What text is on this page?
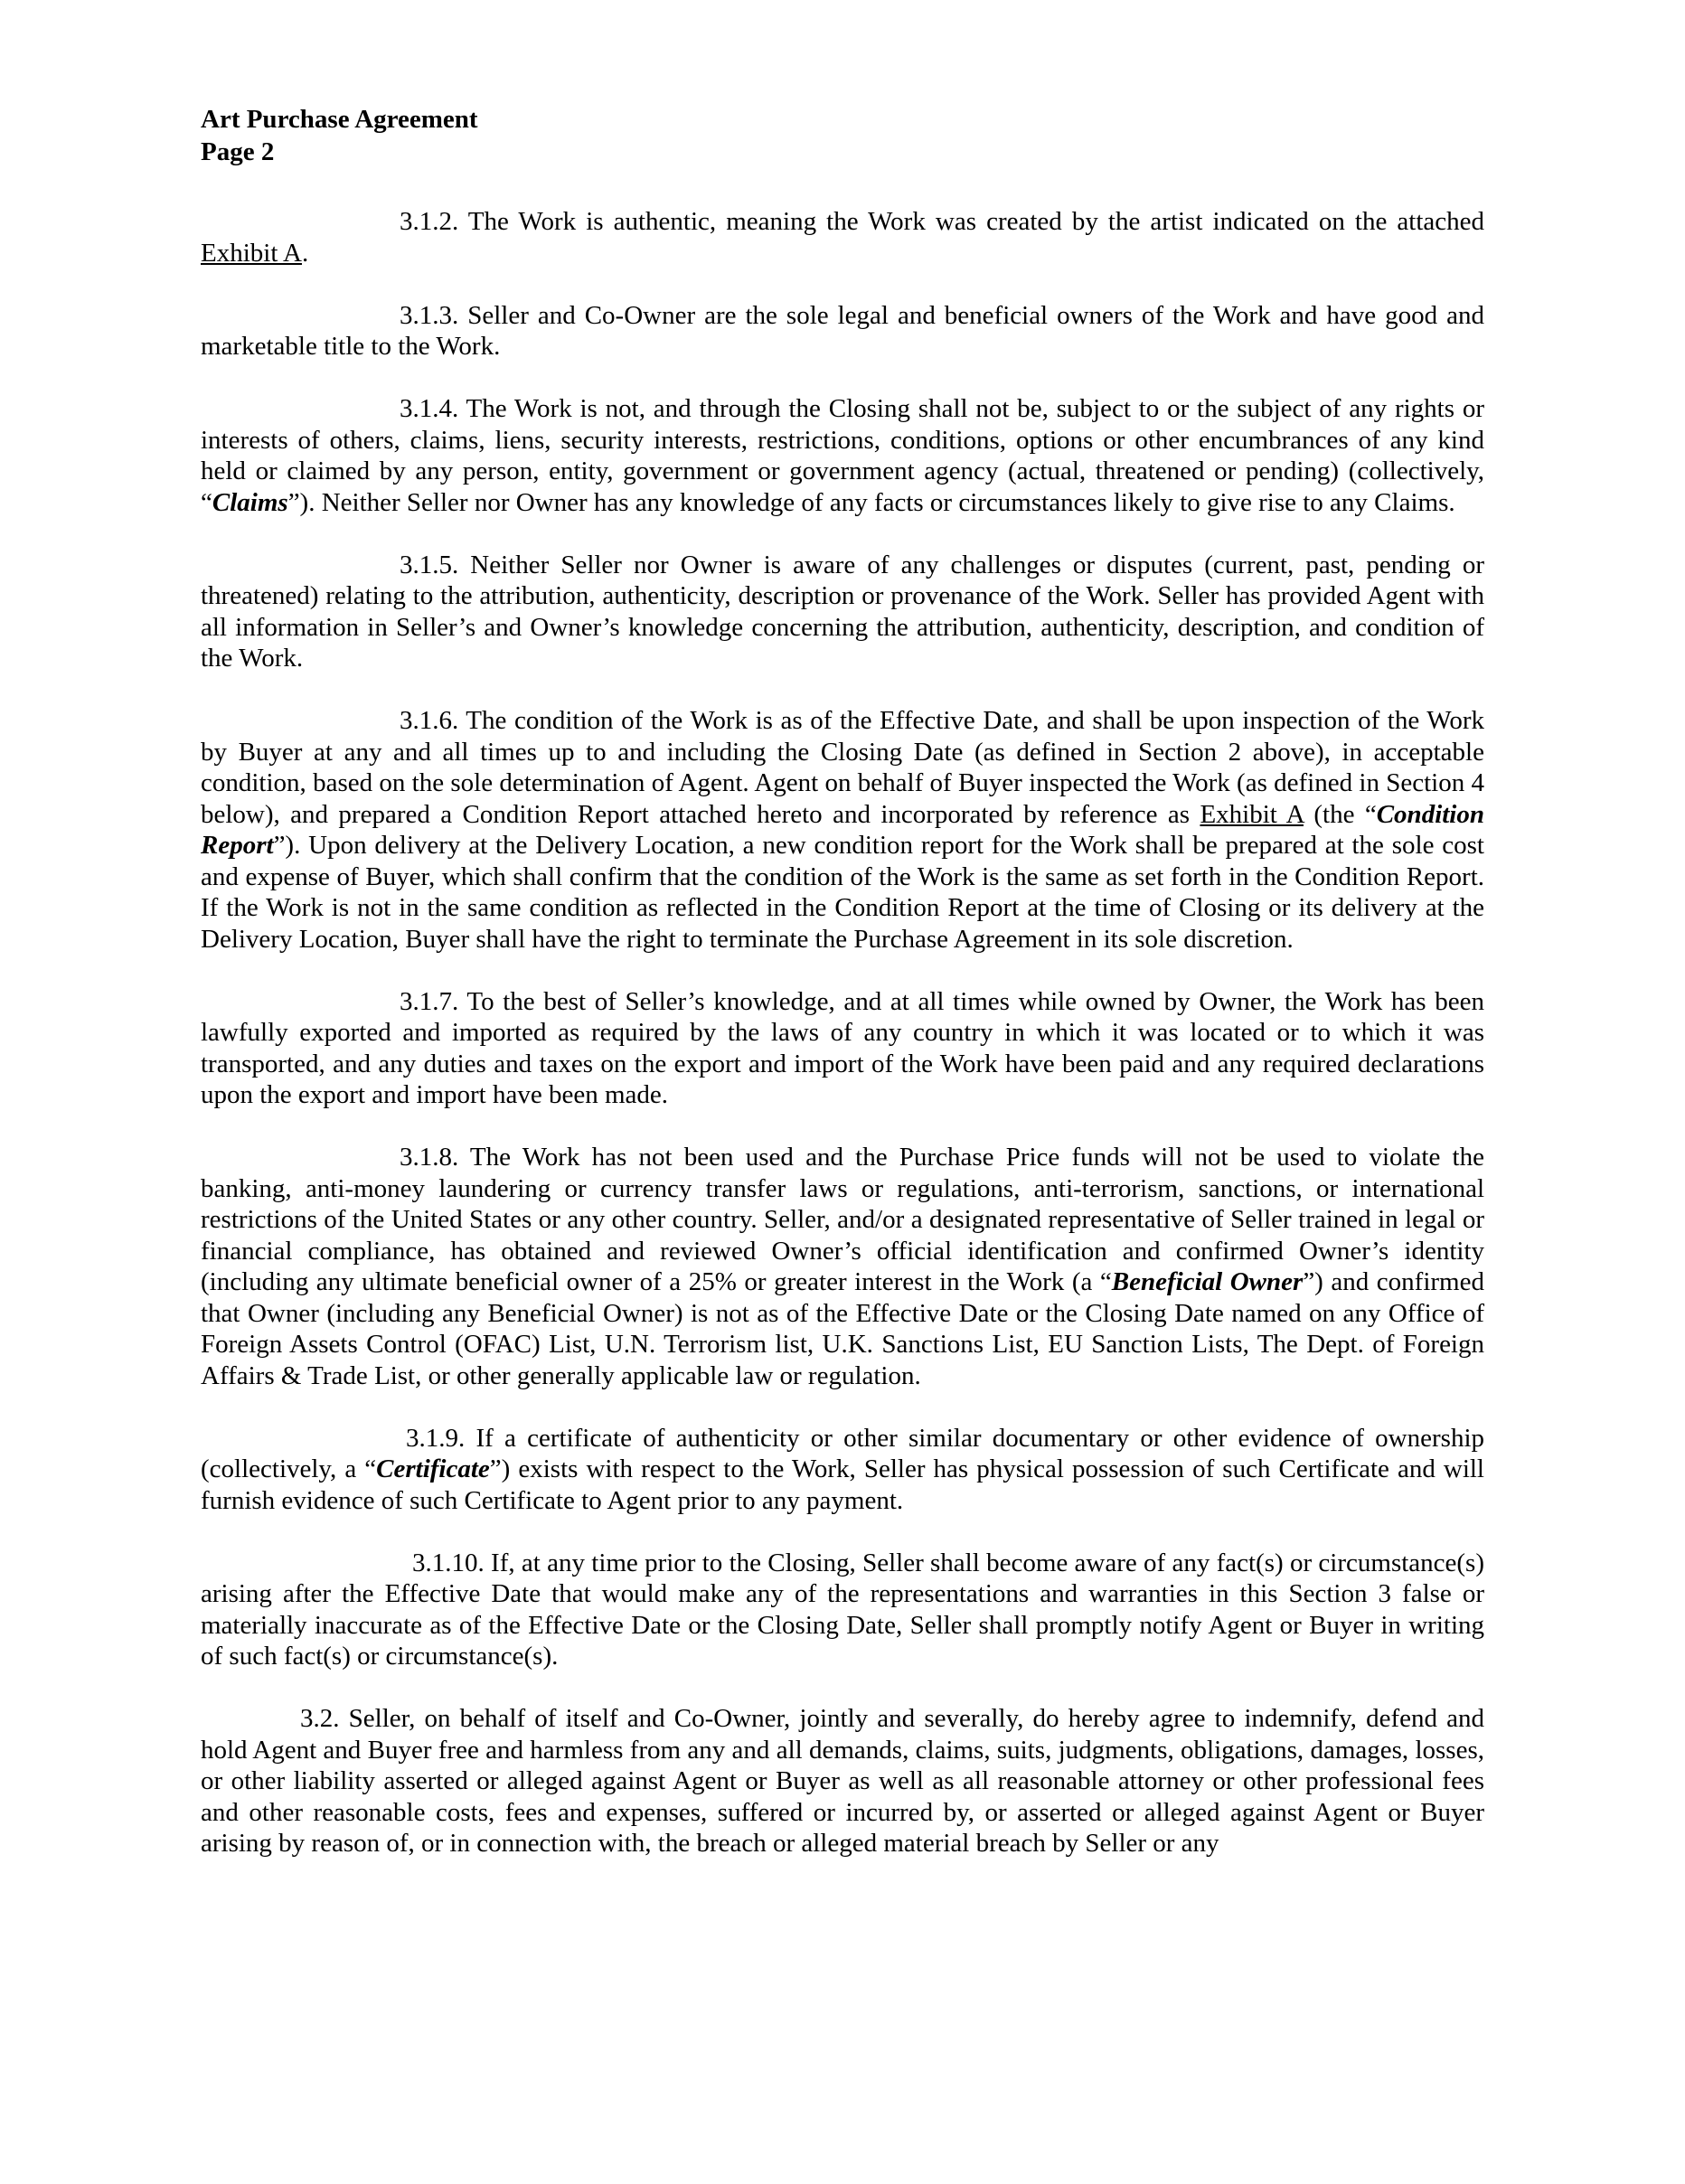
Art Purchase Agreement
Page 2

3.1.2. The Work is authentic, meaning the Work was created by the artist indicated on the attached Exhibit A.

3.1.3. Seller and Co-Owner are the sole legal and beneficial owners of the Work and have good and marketable title to the Work.

3.1.4. The Work is not, and through the Closing shall not be, subject to or the subject of any rights or interests of others, claims, liens, security interests, restrictions, conditions, options or other encumbrances of any kind held or claimed by any person, entity, government or government agency (actual, threatened or pending) (collectively, “Claims”). Neither Seller nor Owner has any knowledge of any facts or circumstances likely to give rise to any Claims.

3.1.5. Neither Seller nor Owner is aware of any challenges or disputes (current, past, pending or threatened) relating to the attribution, authenticity, description or provenance of the Work. Seller has provided Agent with all information in Seller’s and Owner’s knowledge concerning the attribution, authenticity, description, and condition of the Work.

3.1.6. The condition of the Work is as of the Effective Date, and shall be upon inspection of the Work by Buyer at any and all times up to and including the Closing Date (as defined in Section 2 above), in acceptable condition, based on the sole determination of Agent. Agent on behalf of Buyer inspected the Work (as defined in Section 4 below), and prepared a Condition Report attached hereto and incorporated by reference as Exhibit A (the “Condition Report”). Upon delivery at the Delivery Location, a new condition report for the Work shall be prepared at the sole cost and expense of Buyer, which shall confirm that the condition of the Work is the same as set forth in the Condition Report. If the Work is not in the same condition as reflected in the Condition Report at the time of Closing or its delivery at the Delivery Location, Buyer shall have the right to terminate the Purchase Agreement in its sole discretion.

3.1.7. To the best of Seller’s knowledge, and at all times while owned by Owner, the Work has been lawfully exported and imported as required by the laws of any country in which it was located or to which it was transported, and any duties and taxes on the export and import of the Work have been paid and any required declarations upon the export and import have been made.

3.1.8. The Work has not been used and the Purchase Price funds will not be used to violate the banking, anti-money laundering or currency transfer laws or regulations, anti-terrorism, sanctions, or international restrictions of the United States or any other country. Seller, and/or a designated representative of Seller trained in legal or financial compliance, has obtained and reviewed Owner’s official identification and confirmed Owner’s identity (including any ultimate beneficial owner of a 25% or greater interest in the Work (a “Beneficial Owner”) and confirmed that Owner (including any Beneficial Owner) is not as of the Effective Date or the Closing Date named on any Office of Foreign Assets Control (OFAC) List, U.N. Terrorism list, U.K. Sanctions List, EU Sanction Lists, The Dept. of Foreign Affairs & Trade List, or other generally applicable law or regulation.

3.1.9. If a certificate of authenticity or other similar documentary or other evidence of ownership (collectively, a “Certificate”) exists with respect to the Work, Seller has physical possession of such Certificate and will furnish evidence of such Certificate to Agent prior to any payment.

3.1.10. If, at any time prior to the Closing, Seller shall become aware of any fact(s) or circumstance(s) arising after the Effective Date that would make any of the representations and warranties in this Section 3 false or materially inaccurate as of the Effective Date or the Closing Date, Seller shall promptly notify Agent or Buyer in writing of such fact(s) or circumstance(s).

3.2. Seller, on behalf of itself and Co-Owner, jointly and severally, do hereby agree to indemnify, defend and hold Agent and Buyer free and harmless from any and all demands, claims, suits, judgments, obligations, damages, losses, or other liability asserted or alleged against Agent or Buyer as well as all reasonable attorney or other professional fees and other reasonable costs, fees and expenses, suffered or incurred by, or asserted or alleged against Agent or Buyer arising by reason of, or in connection with, the breach or alleged material breach by Seller or any
